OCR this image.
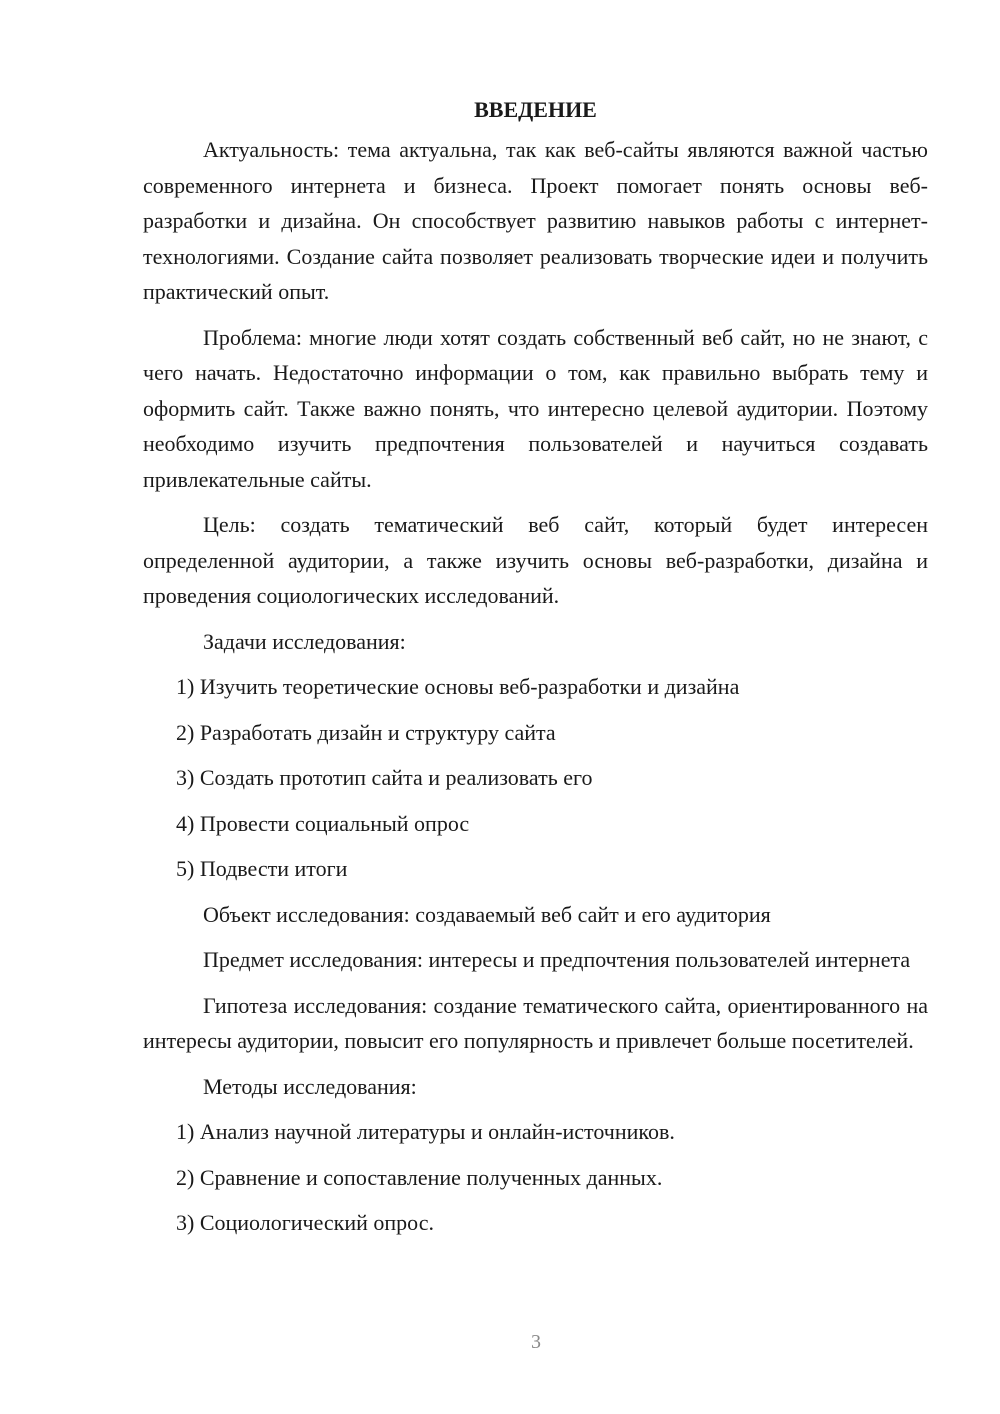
ВВЕДЕНИЕ

Актуальность: тема актуальна, так как веб-сайты являются важной частью современного интернета и бизнеса. Проект помогает понять основы веб-разработки и дизайна. Он способствует развитию навыков работы с интернет-технологиями. Создание сайта позволяет реализовать творческие идеи и получить практический опыт.

Проблема: многие люди хотят создать собственный веб сайт, но не знают, с чего начать. Недостаточно информации о том, как правильно выбрать тему и оформить сайт. Также важно понять, что интересно целевой аудитории. Поэтому необходимо изучить предпочтения пользователей и научиться создавать привлекательные сайты.

Цель: создать тематический веб сайт, который будет интересен определенной аудитории, а также изучить основы веб-разработки, дизайна и проведения социологических исследований.

Задачи исследования:

1) Изучить теоретические основы веб-разработки и дизайна

2) Разработать дизайн и структуру сайта

3) Создать прототип сайта и реализовать его

4) Провести социальный опрос

5) Подвести итоги

Объект исследования: создаваемый веб сайт и его аудитория

Предмет исследования: интересы и предпочтения пользователей интернета

Гипотеза исследования: создание тематического сайта, ориентированного на интересы аудитории, повысит его популярность и привлечет больше посетителей.

Методы исследования:

1) Анализ научной литературы и онлайн-источников.

2) Сравнение и сопоставление полученных данных.

3) Социологический опрос.

3
